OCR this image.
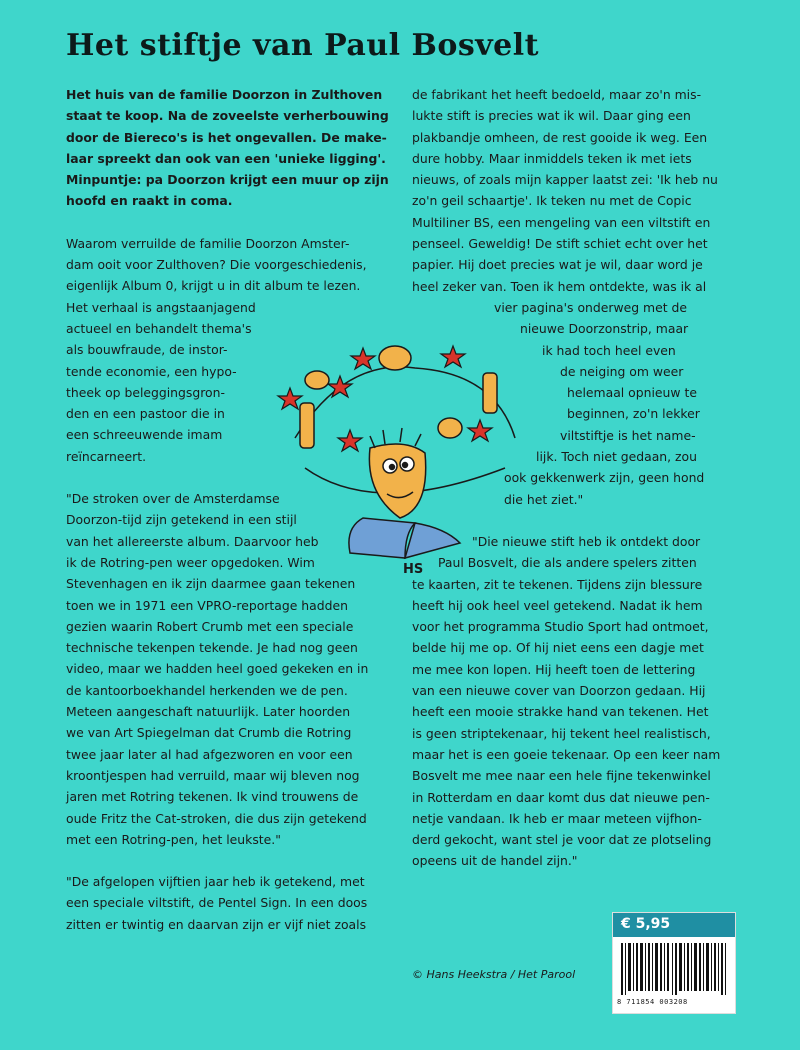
Het stiftje van Paul Bosvelt
Het huis van de familie Doorzon in Zulthoven
staat te koop. Na de zoveelste verherbouwing
door de Biereco's is het ongevallen. De make-
laar spreekt dan ook van een 'unieke ligging'.
Minpuntje: pa Doorzon krijgt een muur op zijn
hoofd en raakt in coma.
Waarom verruilde de familie Doorzon Amster-
dam ooit voor Zulthoven? Die voorgeschiedenis,
eigenlijk Album 0, krijgt u in dit album te lezen.
Het verhaal is angstaanjagend
actueel en behandelt thema's
als bouwfraude, de instor-
tende economie, een hypo-
theek op beleggingsgron-
den en een pastoor die in
een schreeuwende imam
reïncarneert.
"De stroken over de Amsterdamse
Doorzon-tijd zijn getekend in een stijl
van het allereerste album. Daarvoor heb
ik de Rotring-pen weer opgedoken. Wim
Stevenhagen en ik zijn daarmee gaan tekenen
toen we in 1971 een VPRO-reportage hadden
gezien waarin Robert Crumb met een speciale
technische tekenpen tekende. Je had nog geen
video, maar we hadden heel goed gekeken en in
de kantoorboekhandel herkenden we de pen.
Meteen aangeschaft natuurlijk. Later hoorden
we van Art Spiegelman dat Crumb die Rotring
twee jaar later al had afgezworen en voor een
kroontjespen had verruild, maar wij bleven nog
jaren met Rotring tekenen. Ik vind trouwens de
oude Fritz the Cat-stroken, die dus zijn getekend
met een Rotring-pen, het leukste."
"De afgelopen vijftien jaar heb ik getekend, met
een speciale viltstift, de Pentel Sign. In een doos
zitten er twintig en daarvan zijn er vijf niet zoals
de fabrikant het heeft bedoeld, maar zo'n mis-
lukte stift is precies wat ik wil. Daar ging een
plakbandje omheen, de rest gooide ik weg. Een
dure hobby. Maar inmiddels teken ik met iets
nieuws, of zoals mijn kapper laatst zei: 'Ik heb nu
zo'n geil schaartje'. Ik teken nu met de Copic
Multiliner BS, een mengeling van een viltstift en
penseel. Geweldig! De stift schiet echt over het
papier. Hij doet precies wat je wil, daar word je
heel zeker van. Toen ik hem ontdekte, was ik al
vier pagina's onderweg met de
nieuwe Doorzonstrip, maar
ik had toch heel even
de neiging om weer
helemaal opnieuw te
beginnen, zo'n lekker
viltstiftje is het name-
lijk. Toch niet gedaan, zou
ook gekkenwerk zijn, geen hond
die het ziet."
"Die nieuwe stift heb ik ontdekt door
Paul Bosvelt, die als andere spelers zitten
te kaarten, zit te tekenen. Tijdens zijn blessure
heeft hij ook heel veel getekend. Nadat ik hem
voor het programma Studio Sport had ontmoet,
belde hij me op. Of hij niet eens een dagje met
me mee kon lopen. Hij heeft toen de lettering
van een nieuwe cover van Doorzon gedaan. Hij
heeft een mooie strakke hand van tekenen. Het
is geen striptekenaar, hij tekent heel realistisch,
maar het is een goeie tekenaar. Op een keer nam
Bosvelt me mee naar een hele fijne tekenwinkel
in Rotterdam en daar komt dus dat nieuwe pen-
netje vandaan. Ik heb er maar meteen vijfhon-
derd gekocht, want stel je voor dat ze plotseling
opeens uit de handel zijn."
HS
© Hans Heekstra / Het Parool
€ 5,95
8 711854 003208
